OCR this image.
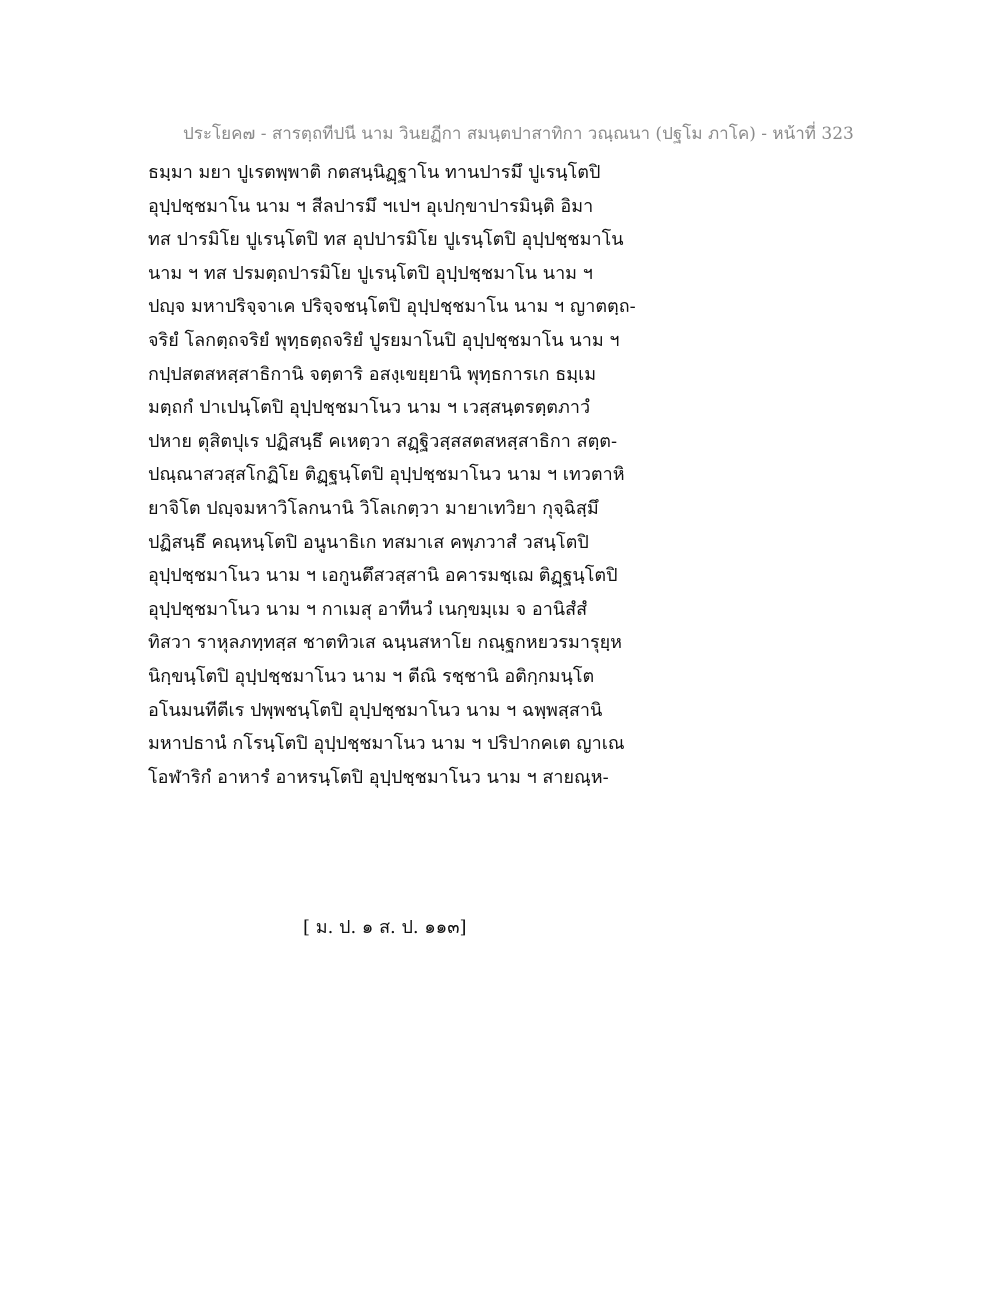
ประโยค๗ - สารตฺถทีปนี นาม วินยฏีกา สมนฺตปาสาทิกา วณฺณนา (ปฐโม ภาโค) - หน้าที่ 323
ธมฺมา มยา ปูเรตพฺพาติ กตสนฺนิฏฺฐาโน ทานปารมึ ปูเรนฺโตปิ
อุปฺปชฺชมาโน นาม ฯ สีลปารมึ ฯเปฯ อุเปกฺขาปารมินฺติ อิมา
ทส ปารมิโย ปูเรนฺโตปิ ทส อุปปารมิโย ปูเรนฺโตปิ อุปฺปชฺชมาโน
นาม ฯ ทส ปรมตฺถปารมิโย ปูเรนฺโตปิ อุปฺปชฺชมาโน นาม ฯ
ปญฺจ มหาปริจฺจาเค ปริจฺจชนฺโตปิ อุปฺปชฺชมาโน นาม ฯ ญาตตฺถ-
จริยํ โลกตฺถจริยํ พุทฺธตฺถจริยํ ปูรยมาโนปิ อุปฺปชฺชมาโน นาม ฯ
กปฺปสตสหสฺสาธิกานิ จตฺตาริ อสงฺเขยฺยานิ พุทฺธการเก ธมฺเม
มตฺถกํ ปาเปนฺโตปิ อุปฺปชฺชมาโนว นาม ฯ เวสฺสนฺตรตฺตภาวํ
ปหาย ตุสิตปุเร ปฏิสนฺธึ คเหตฺวา สฏฺฐิวสฺสสตสหสฺสาธิกา สตฺต-
ปณฺณาสวสฺสโกฏิโย ติฏฺฐนฺโตปิ อุปฺปชฺชมาโนว นาม ฯ เทวตาหิ
ยาจิโต ปญฺจมหาวิโลกนานิ วิโลเกตฺวา มายาเทวิยา กุจฺฉิสฺมึ
ปฏิสนฺธึ คณฺหนฺโตปิ อนูนาธิเก ทสมาเส คพฺภวาสํ วสนฺโตปิ
อุปฺปชฺชมาโนว นาม ฯ เอกูนตึสวสฺสานิ อคารมชฺเฌ ติฏฺฐนฺโตปิ
อุปฺปชฺชมาโนว นาม ฯ กาเมสุ อาทีนวํ เนกฺขมฺเม จ อานิสํสํ
ทิสวา ราหุลภทฺทสฺส ชาตทิวเส ฉนฺนสหาโย กณฺฐกหยวรมารุยฺห
นิกฺขนฺโตปิ อุปฺปชฺชมาโนว นาม ฯ ตีณิ รชฺชานิ อติกฺกมนฺโต
อโนมนทีตีเร ปพฺพชนฺโตปิ อุปฺปชฺชมาโนว นาม ฯ ฉพฺพสฺสานิ
มหาปธานํ กโรนฺโตปิ อุปฺปชฺชมาโนว นาม ฯ ปริปากคเต ญาเณ
โอฬาริกํ อาหารํ อาหรนฺโตปิ อุปฺปชฺชมาโนว นาม ฯ สายณฺห-
[ ม. ป. ๑ ส. ป. ๑๑๓]
